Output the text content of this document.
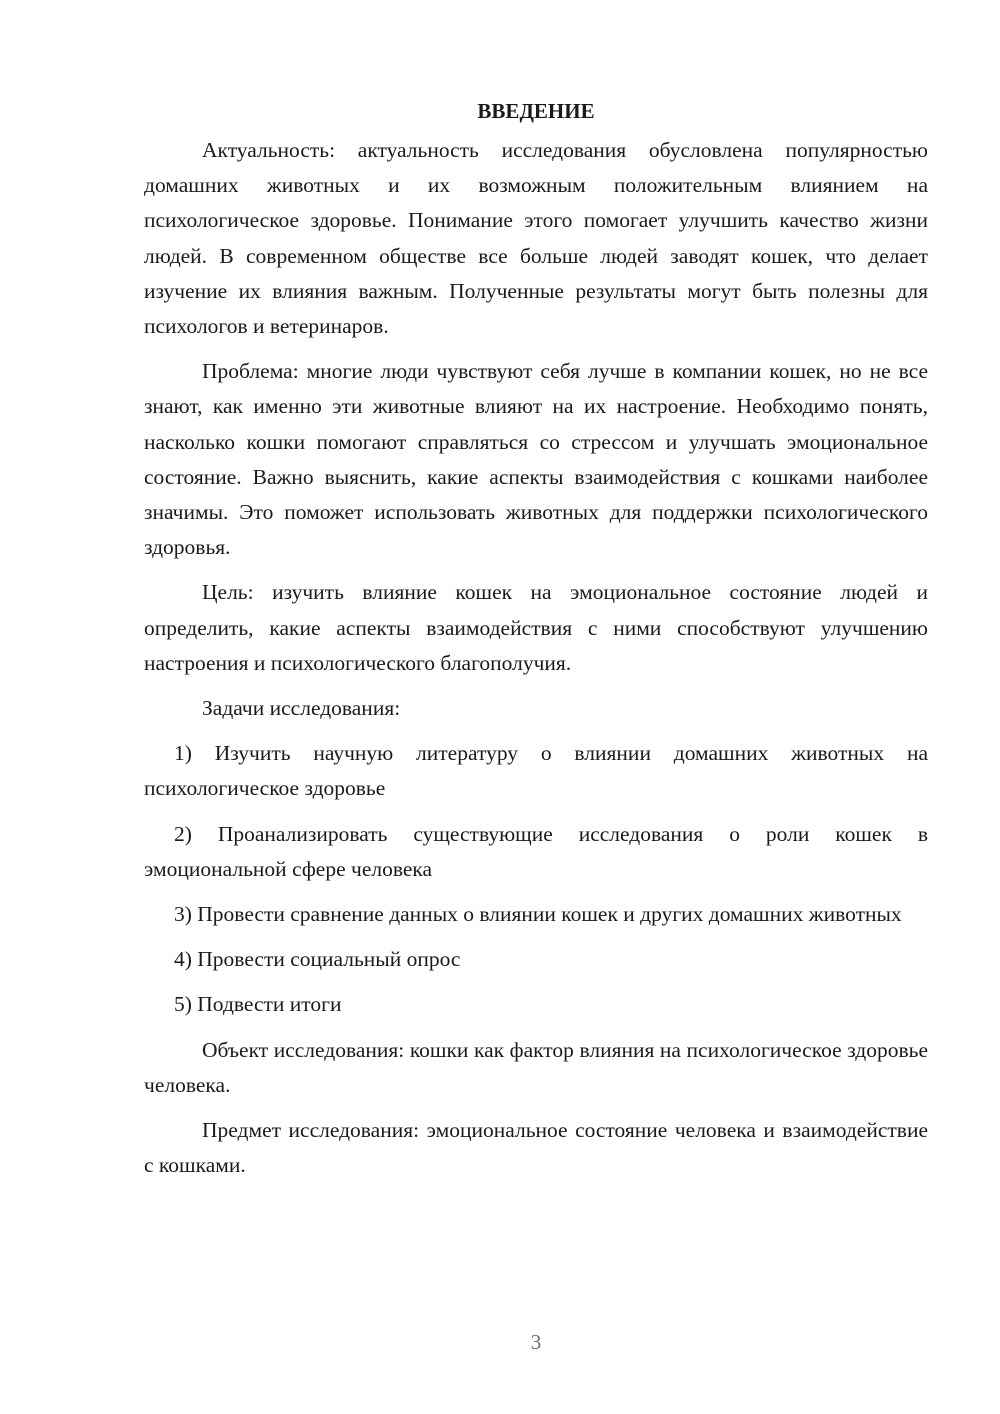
ВВЕДЕНИЕ

Актуальность: актуальность исследования обусловлена популярностью домашних животных и их возможным положительным влиянием на психологическое здоровье. Понимание этого помогает улучшить качество жизни людей. В современном обществе все больше людей заводят кошек, что делает изучение их влияния важным. Полученные результаты могут быть полезны для психологов и ветеринаров.

Проблема: многие люди чувствуют себя лучше в компании кошек, но не все знают, как именно эти животные влияют на их настроение. Необходимо понять, насколько кошки помогают справляться со стрессом и улучшать эмоциональное состояние. Важно выяснить, какие аспекты взаимодействия с кошками наиболее значимы. Это поможет использовать животных для поддержки психологического здоровья.

Цель: изучить влияние кошек на эмоциональное состояние людей и определить, какие аспекты взаимодействия с ними способствуют улучшению настроения и психологического благополучия.

Задачи исследования:

1) Изучить научную литературу о влиянии домашних животных на психологическое здоровье

2) Проанализировать существующие исследования о роли кошек в эмоциональной сфере человека

3) Провести сравнение данных о влиянии кошек и других домашних животных

4) Провести социальный опрос

5) Подвести итоги

Объект исследования: кошки как фактор влияния на психологическое здоровье человека.

Предмет исследования: эмоциональное состояние человека и взаимодействие с кошками.

3
